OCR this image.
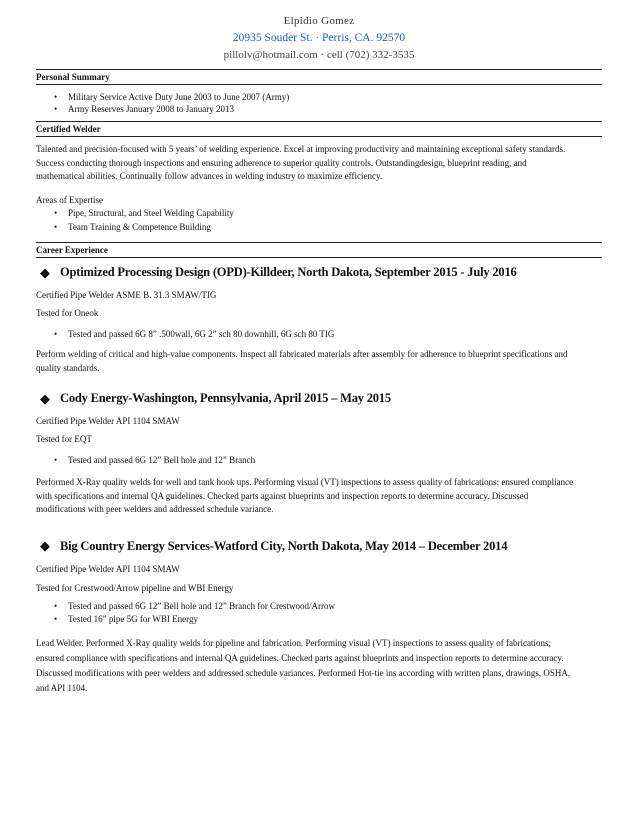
Elpidio Gomez
20935 Souder St. · Perris, CA. 92570
pillolv@hotmail.com · cell (702) 332-3535
Personal Summary
• Military Service Active Duty June 2003 to June 2007 (Army)
• Army Reserves January 2008 to January 2013
Certified Welder

Talented and precision-focused with 5 years’ of welding experience. Excel at improving productivity and maintaining exceptional safety standards.

Success conducting thorough inspections and ensuring adherence to superior quality controls. Outstandingdesign, blueprint reading, and

mathematical abilities. Continually follow advances in welding industry to maximize efficiency.

Areas of Expertise

• Pipe, Structural, and Steel Welding Capability
• Team Training & Competence Building
Career Experience
◆ Optimized Processing Design (OPD)-Killdeer, North Dakota, September 2015 - July 2016

Certified Pipe Welder ASME B. 31.3 SMAW/TIG

Tested for Oneok

• Tested and passed 6G 8” .500wall, 6G 2” sch 80 downhill, 6G sch 80 TIG

Perform welding of critical and high-value components. Inspect all fabricated materials after assembly for adherence to blueprint specifications and

quality standards.

◆ Cody Energy-Washington, Pennsylvania, April 2015 – May 2015

Certified Pipe Welder API 1104 SMAW

Tested for EQT

• Tested and passed 6G 12” Bell hole and 12” Branch

Performed X-Ray quality welds for well and tank hook ups. Performing visual (VT) inspections to assess quality of fabrications; ensured compliance

with specifications and internal QA guidelines. Checked parts against blueprints and inspection reports to determine accuracy. Discussed

modifications with peer welders and addressed schedule variance.

◆ Big Country Energy Services-Watford City, North Dakota, May 2014 – December 2014

Certified Pipe Welder API 1104 SMAW

Tested for Crestwood/Arrow pipeline and WBI Energy

• Tested and passed 6G 12” Bell hole and 12” Branch for Crestwood/Arrow
• Tested 16” pipe 5G for WBI Energy

Lead Welder. Performed X-Ray quality welds for pipeline and fabrication. Performing visual (VT) inspections to assess quality of fabrications;

ensured compliance with specifications and internal QA guidelines. Checked parts against blueprints and inspection reports to determine accuracy.

Discussed modifications with peer welders and addressed schedule variances. Performed Hot-tie ins according with written plans, drawings, OSHA,

and API 1104.
